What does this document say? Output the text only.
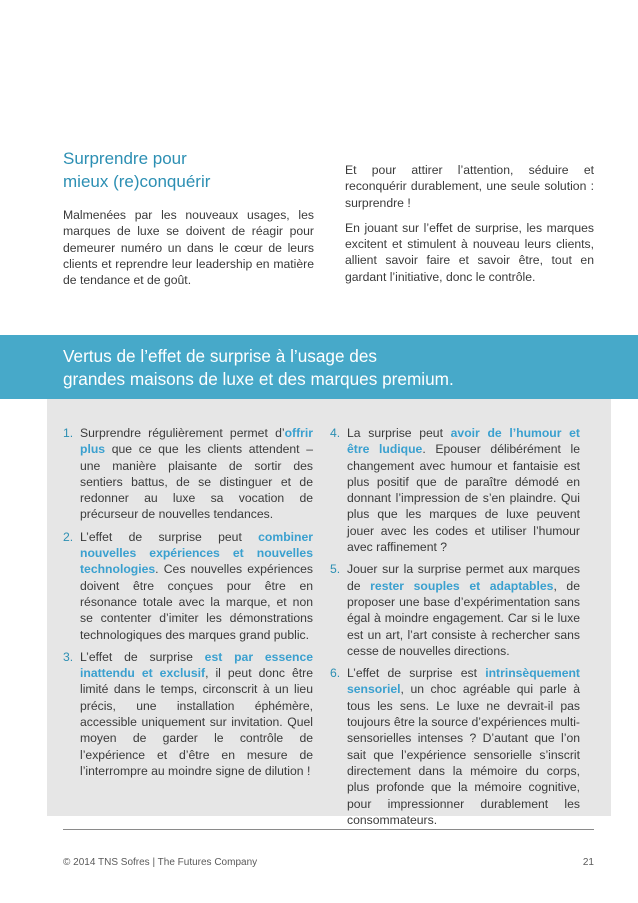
Surprendre pour
mieux (re)conquérir

Malmenées par les nouveaux usages, les marques de luxe se doivent de réagir pour demeurer numéro un dans le cœur de leurs clients et reprendre leur leadership en matière de tendance et de goût.

Et pour attirer l’attention, séduire et reconquérir durablement, une seule solution : surprendre !

En jouant sur l’effet de surprise, les marques excitent et stimulent à nouveau leurs clients, allient savoir faire et savoir être, tout en gardant l’initiative, donc le contrôle.

Vertus de l’effet de surprise à l’usage des
grandes maisons de luxe et des marques premium.
1. Surprendre régulièrement permet d’offrir plus que ce que les clients attendent – une manière plaisante de sortir des sentiers battus, de se distinguer et de redonner au luxe sa vocation de précurseur de nouvelles tendances.
2. L’effet de surprise peut combiner nouvelles expériences et nouvelles technologies. Ces nouvelles expériences doivent être conçues pour être en résonance totale avec la marque, et non se contenter d’imiter les démonstrations technologiques des marques grand public.
3. L’effet de surprise est par essence inattendu et exclusif, il peut donc être limité dans le temps, circonscrit à un lieu précis, une installation éphémère, accessible uniquement sur invitation. Quel moyen de garder le contrôle de l’expérience et d’être en mesure de l’interrompre au moindre signe de dilution !
4. La surprise peut avoir de l’humour et être ludique. Epouser délibérément le changement avec humour et fantaisie est plus positif que de paraître démodé en donnant l’impression de s’en plaindre. Qui plus que les marques de luxe peuvent jouer avec les codes et utiliser l’humour avec raffinement ?
5. Jouer sur la surprise permet aux marques de rester souples et adaptables, de proposer une base d’expérimentation sans égal à moindre engagement. Car si le luxe est un art, l’art consiste à rechercher sans cesse de nouvelles directions.
6. L’effet de surprise est intrinsèquement sensoriel, un choc agréable qui parle à tous les sens. Le luxe ne devrait-il pas toujours être la source d’expériences multi-sensorielles intenses ? D’autant que l’on sait que l’expérience sensorielle s’inscrit directement dans la mémoire du corps, plus profonde que la mémoire cognitive, pour impressionner durablement les consommateurs.
© 2014 TNS Sofres | The Futures Company	21
